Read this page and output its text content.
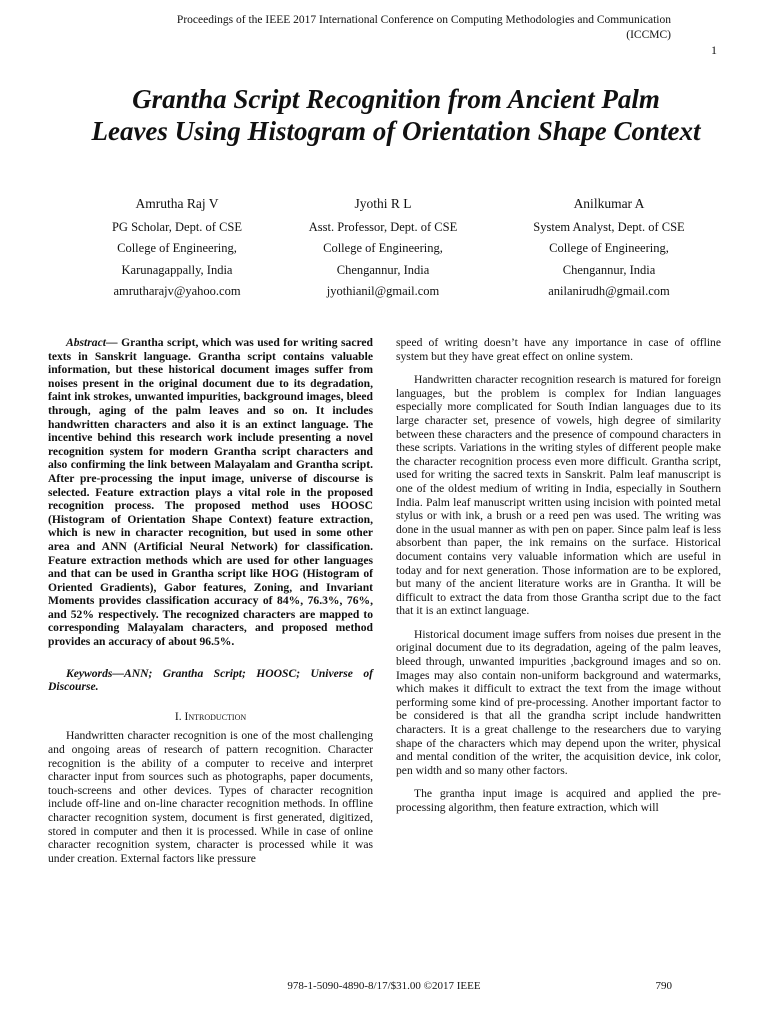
Proceedings of the IEEE 2017 International Conference on Computing Methodologies and Communication
(ICCMC)
1
Grantha Script Recognition from Ancient Palm
Leaves Using Histogram of Orientation Shape Context
Amrutha Raj V
PG Scholar, Dept. of CSE
College of Engineering,
Karunagappally, India
amrutharajv@yahoo.com
Jyothi R L
Asst. Professor, Dept. of CSE
College of Engineering,
Chengannur, India
jyothianil@gmail.com
Anilkumar A
System Analyst, Dept. of CSE
College of Engineering,
Chengannur, India
anilanirudh@gmail.com

Abstract— Grantha script, which was used for writing sacred texts in Sanskrit language. Grantha script contains valuable information, but these historical document images suffer from noises present in the original document due to its degradation, faint ink strokes, unwanted impurities, background images, bleed through, aging of the palm leaves and so on. It includes handwritten characters and also it is an extinct language. The incentive behind this research work include presenting a novel recognition system for modern Grantha script characters and also confirming the link between Malayalam and Grantha script. After pre-processing the input image, universe of discourse is selected. Feature extraction plays a vital role in the proposed recognition process. The proposed method uses HOOSC (Histogram of Orientation Shape Context) feature extraction, which is new in character recognition, but used in some other area and ANN (Artificial Neural Network) for classification. Feature extraction methods which are used for other languages and that can be used in Grantha script like HOG (Histogram of Oriented Gradients), Gabor features, Zoning, and Invariant Moments provides classification accuracy of 84%, 76.3%, 76%, and 52% respectively. The recognized characters are mapped to corresponding Malayalam characters, and proposed method provides an accuracy of about 96.5%.

Keywords—ANN; Grantha Script; HOOSC; Universe of Discourse.

I. Introduction

Handwritten character recognition is one of the most challenging and ongoing areas of research of pattern recognition. Character recognition is the ability of a computer to receive and interpret character input from sources such as photographs, paper documents, touch-screens and other devices. Types of character recognition include off-line and on-line character recognition methods. In offline character recognition system, document is first generated, digitized, stored in computer and then it is processed. While in case of online character recognition system, character is processed while it was under creation. External factors like pressure

speed of writing doesn’t have any importance in case of offline system but they have great effect on online system.

Handwritten character recognition research is matured for foreign languages, but the problem is complex for Indian languages especially more complicated for South Indian languages due to its large character set, presence of vowels, high degree of similarity between these characters and the presence of compound characters in these scripts. Variations in the writing styles of different people make the character recognition process even more difficult. Grantha script, used for writing the sacred texts in Sanskrit. Palm leaf manuscript is one of the oldest medium of writing in India, especially in Southern India. Palm leaf manuscript written using incision with pointed metal stylus or with ink, a brush or a reed pen was used. The writing was done in the usual manner as with pen on paper. Since palm leaf is less absorbent than paper, the ink remains on the surface. Historical document contains very valuable information which are useful in today and for next generation. Those information are to be explored, but many of the ancient literature works are in Grantha. It will be difficult to extract the data from those Grantha script due to the fact that it is an extinct language.

Historical document image suffers from noises due present in the original document due to its degradation, ageing of the palm leaves, bleed through, unwanted impurities ,background images and so on. Images may also contain non-uniform background and watermarks, which makes it difficult to extract the text from the image without performing some kind of pre-processing. Another important factor to be considered is that all the grandha script include handwritten characters. It is a great challenge to the researchers due to varying shape of the characters which may depend upon the writer, physical and mental condition of the writer, the acquisition device, ink color, pen width and so many other factors.

The grantha input image is acquired and applied the pre-processing algorithm, then feature extraction, which will

978-1-5090-4890-8/17/$31.00 ©2017 IEEE	790
